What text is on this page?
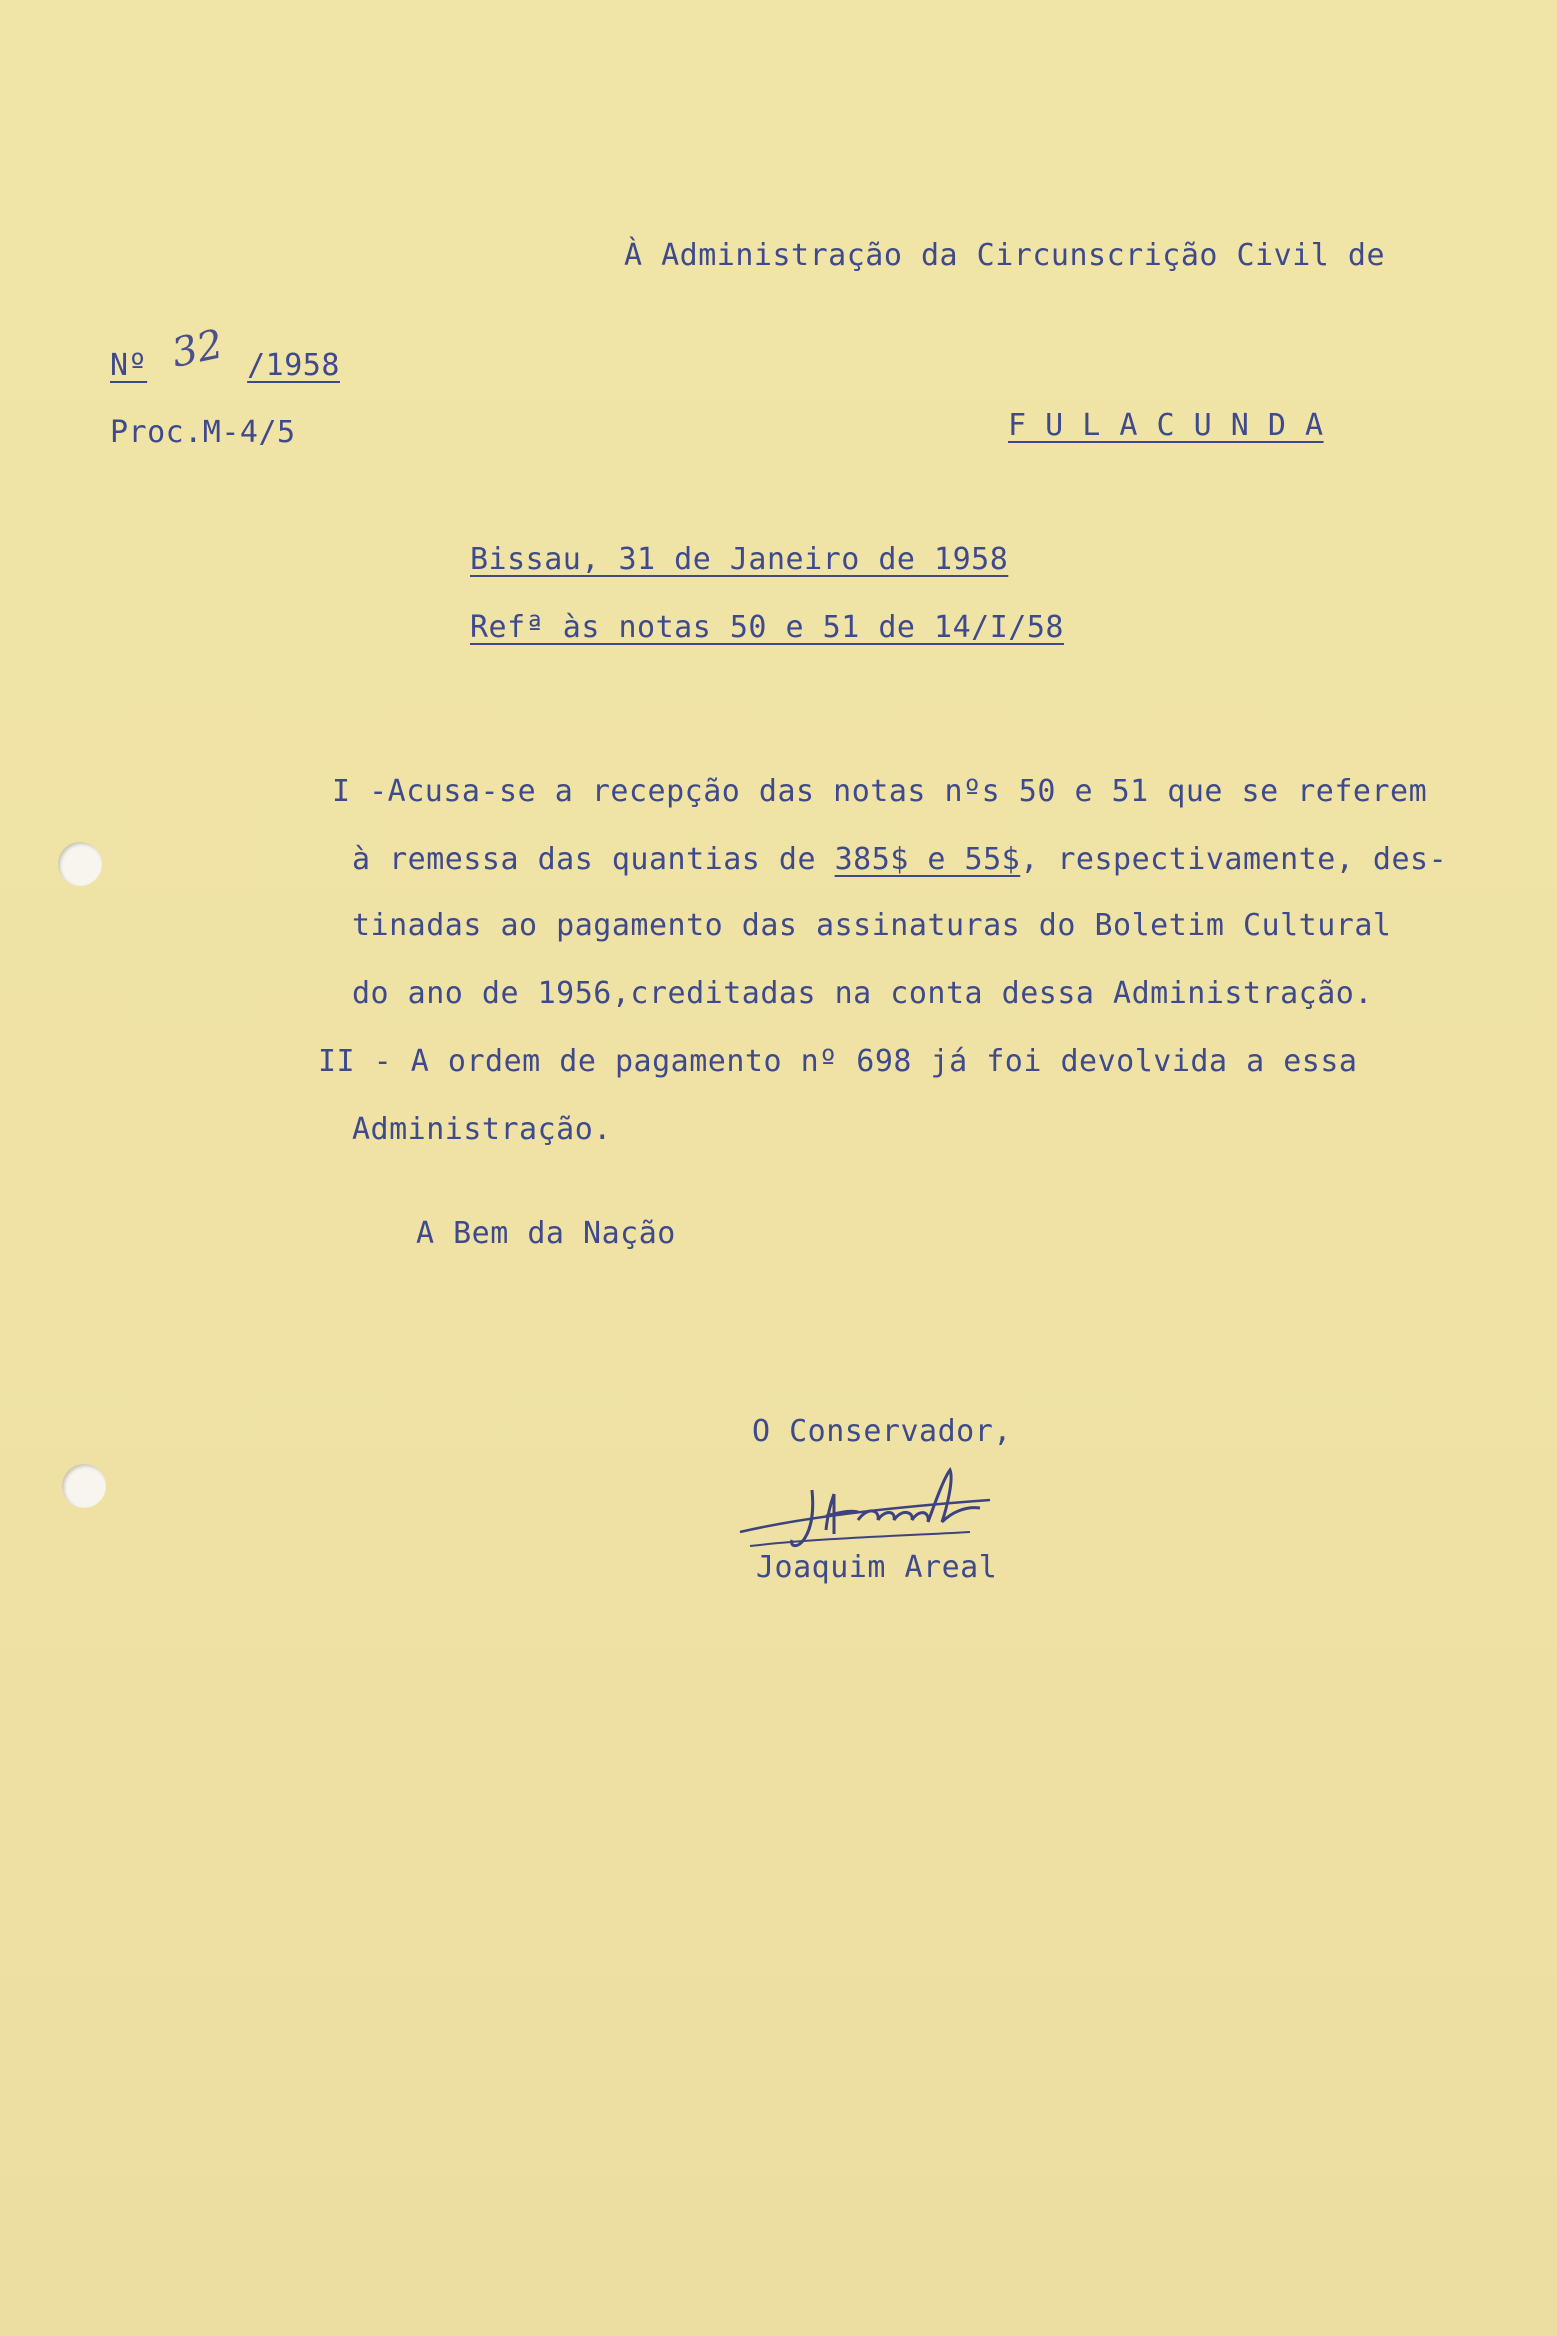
À Administração da Circunscrição Civil de
Nº	/1958
32
Proc.M-4/5	F U L A C U N D A
Bissau, 31 de Janeiro de 1958
Refª às notas 50 e 51 de 14/I/58
I -Acusa-se a recepção das notas nºs 50 e 51 que se referem
à remessa das quantias de 385$ e 55$, respectivamente, des-
tinadas ao pagamento das assinaturas do Boletim Cultural
do ano de 1956,creditadas na conta dessa Administração.
II - A ordem de pagamento nº 698 já foi devolvida a essa
Administração.
A Bem da Nação
O Conservador,
Joaquim Areal
